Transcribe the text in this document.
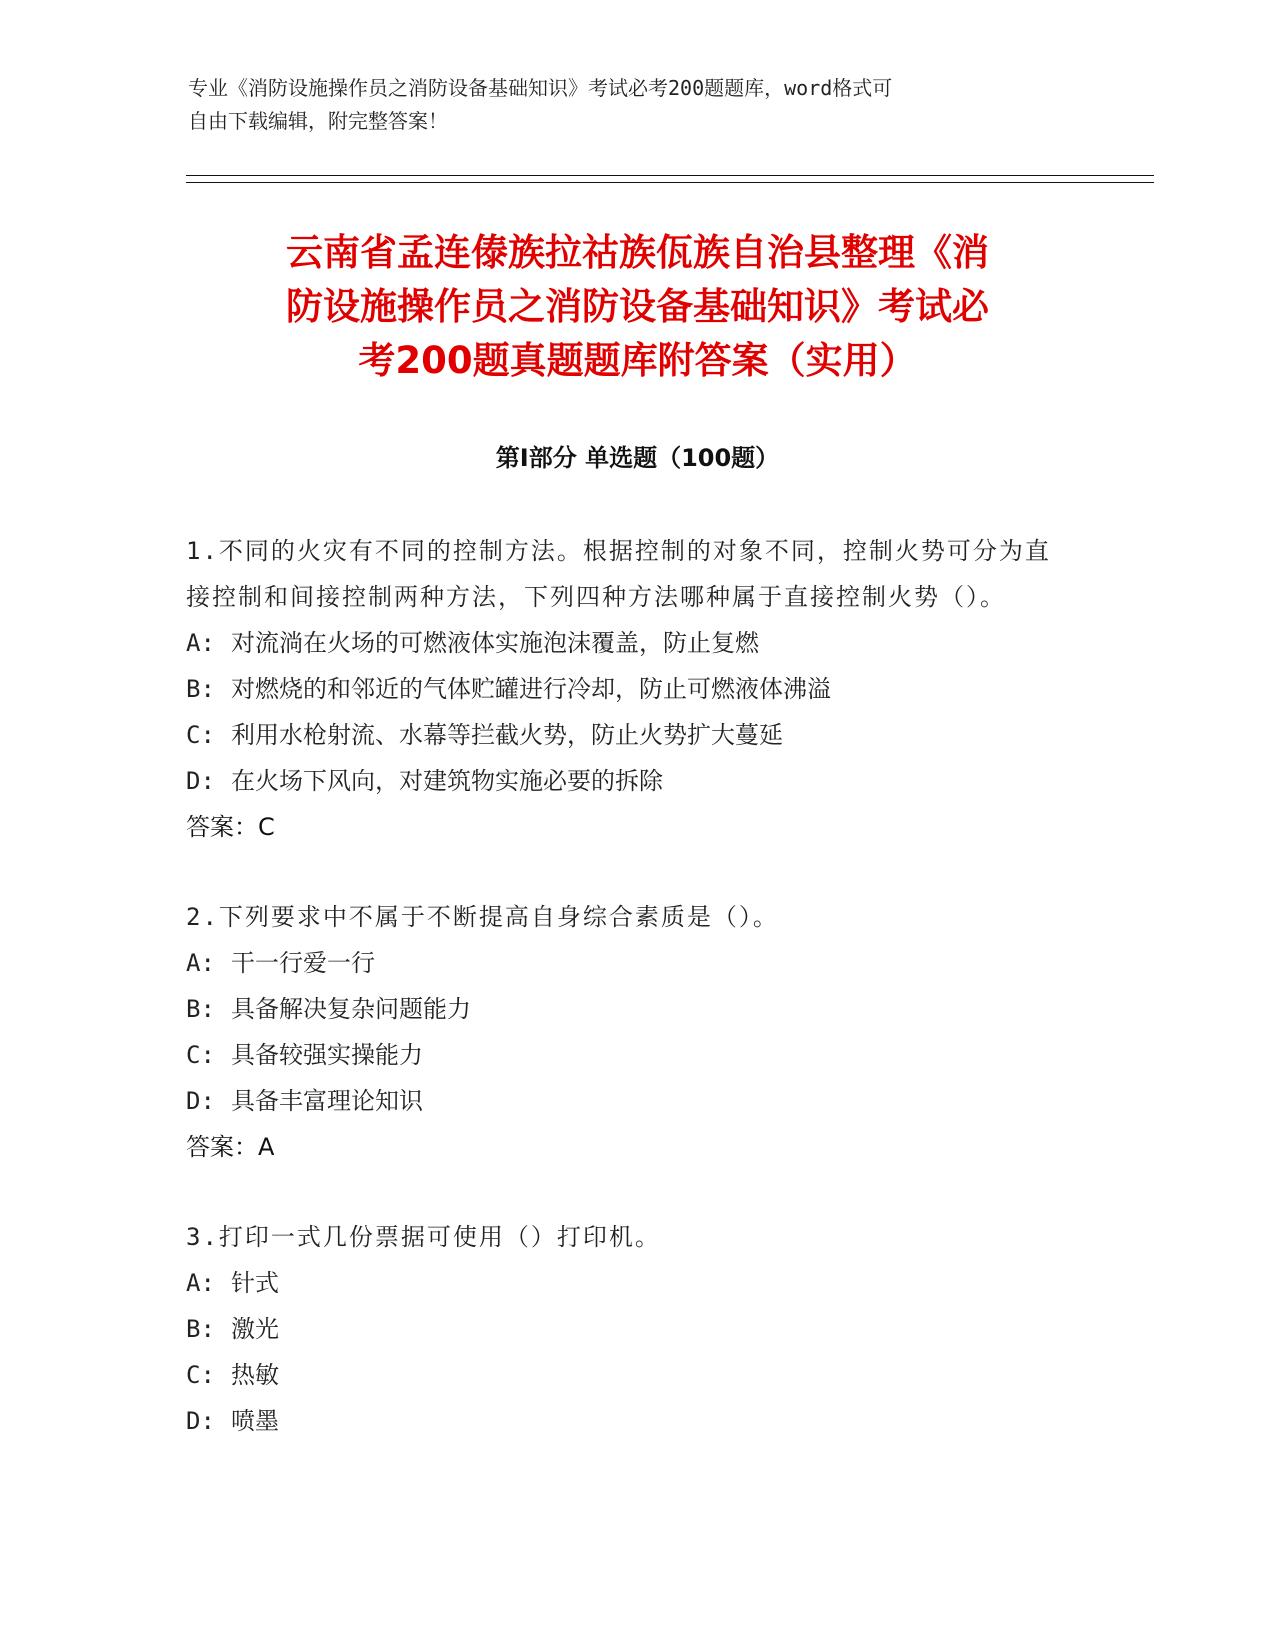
专业《消防设施操作员之消防设备基础知识》考试必考200题题库，word格式可
自由下载编辑，附完整答案！
云南省孟连傣族拉祜族佤族自治县整理《消
防设施操作员之消防设备基础知识》考试必
考200题真题题库附答案（实用）
第Ⅰ部分 单选题（100题）
1.不同的火灾有不同的控制方法。根据控制的对象不同，控制火势可分为直接控制和间接控制两种方法，下列四种方法哪种属于直接控制火势（）。
A: 对流淌在火场的可燃液体实施泡沫覆盖，防止复燃
B: 对燃烧的和邻近的气体贮罐进行冷却，防止可燃液体沸溢
C: 利用水枪射流、水幕等拦截火势，防止火势扩大蔓延
D: 在火场下风向，对建筑物实施必要的拆除
答案：C
2.下列要求中不属于不断提高自身综合素质是（）。
A: 干一行爱一行
B: 具备解决复杂问题能力
C: 具备较强实操能力
D: 具备丰富理论知识
答案：A
3.打印一式几份票据可使用（）打印机。
A: 针式
B: 激光
C: 热敏
D: 喷墨
